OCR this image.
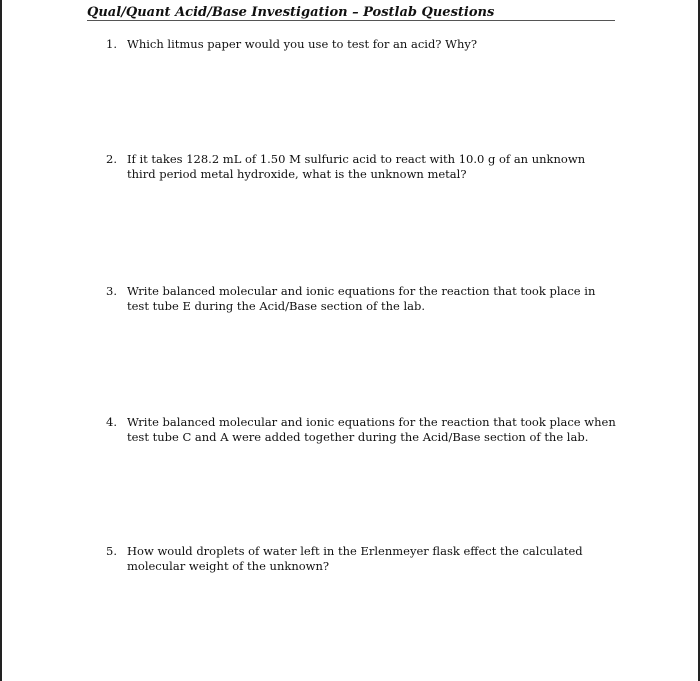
Qual/Quant Acid/Base Investigation – Postlab Questions
1. Which litmus paper would you use to test for an acid? Why?
2. If it takes 128.2 mL of 1.50 M sulfuric acid to react with 10.0 g of an unknown third period metal hydroxide, what is the unknown metal?
3. Write balanced molecular and ionic equations for the reaction that took place in test tube E during the Acid/Base section of the lab.
4. Write balanced molecular and ionic equations for the reaction that took place when test tube C and A were added together during the Acid/Base section of the lab.
5. How would droplets of water left in the Erlenmeyer flask effect the calculated molecular weight of the unknown?
